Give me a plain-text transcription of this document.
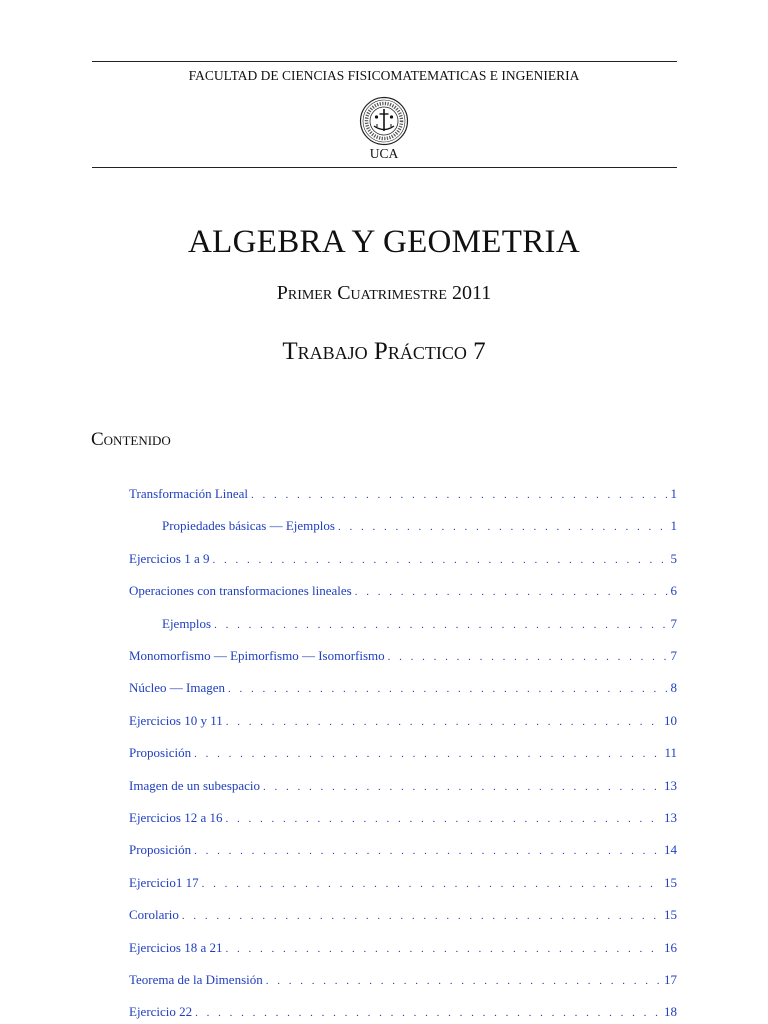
FACULTAD DE CIENCIAS FISICOMATEMATICAS E INGENIERIA
UCA
ALGEBRA Y GEOMETRIA
Primer Cuatrimestre 2011
Trabajo Práctico 7
Contenido
Transformación Lineal . . .	1
Propiedades básicas — Ejemplos . . .	1
Ejercicios 1 a 9 . . .	5
Operaciones con transformaciones lineales . . .	6
Ejemplos . . .	7
Monomorfismo — Epimorfismo — Isomorfismo . . .	7
Núcleo — Imagen . . .	8
Ejercicios 10 y 11 . . .	10
Proposición . . .	11
Imagen de un subespacio . . .	13
Ejercicios 12 a 16 . . .	13
Proposición . . .	14
Ejercicio1 17 . . .	15
Corolario . . .	15
Ejercicios 18 a 21 . . .	16
Teorema de la Dimensión . . .	17
Ejercicio 22 . . .	18
